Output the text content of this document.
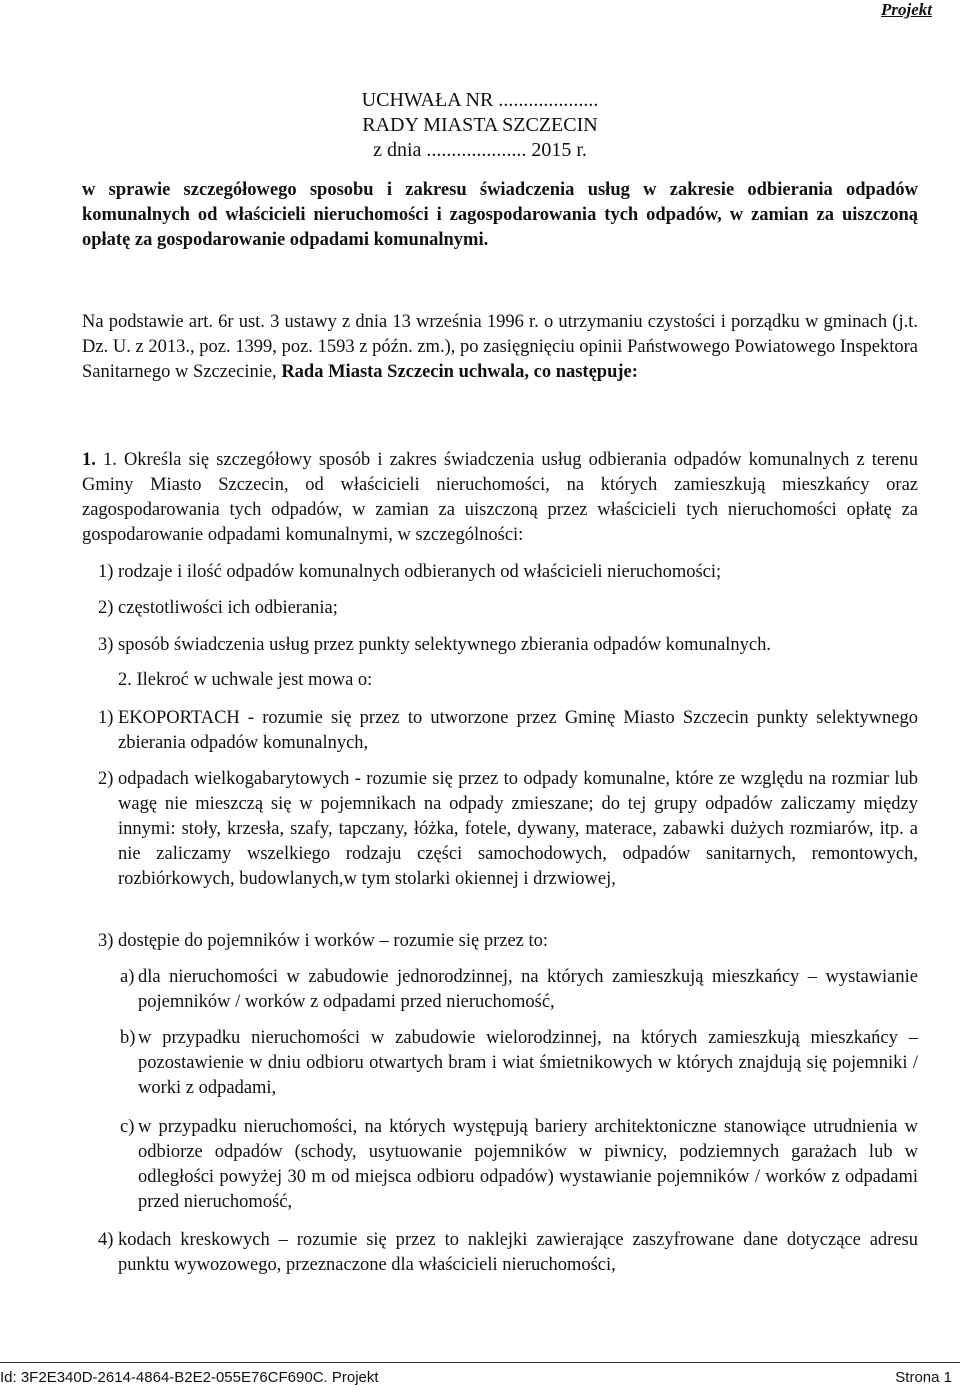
Projekt
UCHWAŁA NR ....................
RADY MIASTA SZCZECIN
z dnia .................... 2015 r.
w sprawie szczegółowego sposobu i zakresu świadczenia usług w zakresie odbierania odpadów komunalnych od właścicieli nieruchomości i zagospodarowania tych odpadów, w zamian za uiszczoną opłatę za gospodarowanie odpadami komunalnymi.
Na podstawie art. 6r ust. 3 ustawy z dnia 13 września 1996 r. o utrzymaniu czystości i porządku w gminach (j.t. Dz. U. z 2013., poz. 1399, poz. 1593 z późn. zm.), po zasięgnięciu opinii Państwowego Powiatowego Inspektora Sanitarnego w Szczecinie, Rada Miasta Szczecin uchwala, co następuje:
1. 1. Określa się szczegółowy sposób i zakres świadczenia usług odbierania odpadów komunalnych z terenu Gminy Miasto Szczecin, od właścicieli nieruchomości, na których zamieszkują mieszkańcy oraz zagospodarowania tych odpadów, w zamian za uiszczoną przez właścicieli tych nieruchomości opłatę za gospodarowanie odpadami komunalnymi, w szczególności:
1) rodzaje i ilość odpadów komunalnych odbieranych od właścicieli nieruchomości;
2) częstotliwości ich odbierania;
3) sposób świadczenia usług przez punkty selektywnego zbierania odpadów komunalnych.
2. Ilekroć w uchwale jest mowa o:
1) EKOPORTACH - rozumie się przez to utworzone przez Gminę Miasto Szczecin punkty selektywnego zbierania odpadów komunalnych,
2) odpadach wielkogabarytowych - rozumie się przez to odpady komunalne, które ze względu na rozmiar lub wagę nie mieszczą się w pojemnikach na odpady zmieszane; do tej grupy odpadów zaliczamy między innymi: stoły, krzesła, szafy, tapczany, łóżka, fotele, dywany, materace, zabawki dużych rozmiarów, itp. a nie zaliczamy wszelkiego rodzaju części samochodowych, odpadów sanitarnych, remontowych, rozbiórkowych, budowlanych,w tym stolarki okiennej i drzwiowej,
3) dostępie do pojemników i worków – rozumie się przez to:
a) dla nieruchomości w zabudowie jednorodzinnej, na których zamieszkują mieszkańcy – wystawianie pojemników / worków z odpadami przed nieruchomość,
b) w przypadku nieruchomości w zabudowie wielorodzinnej, na których zamieszkują mieszkańcy – pozostawienie w dniu odbioru otwartych bram i wiat śmietnikowych w których znajdują się pojemniki / worki z odpadami,
c) w przypadku nieruchomości, na których występują bariery architektoniczne stanowiące utrudnienia w odbiorze odpadów (schody, usytuowanie pojemników w piwnicy, podziemnych garażach lub w odległości powyżej 30 m od miejsca odbioru odpadów) wystawianie pojemników / worków z odpadami przed nieruchomość,
4) kodach kreskowych – rozumie się przez to naklejki zawierające zaszyfrowane dane dotyczące adresu punktu wywozowego, przeznaczone dla właścicieli nieruchomości,
Id: 3F2E340D-2614-4864-B2E2-055E76CF690C. Projekt	Strona 1
